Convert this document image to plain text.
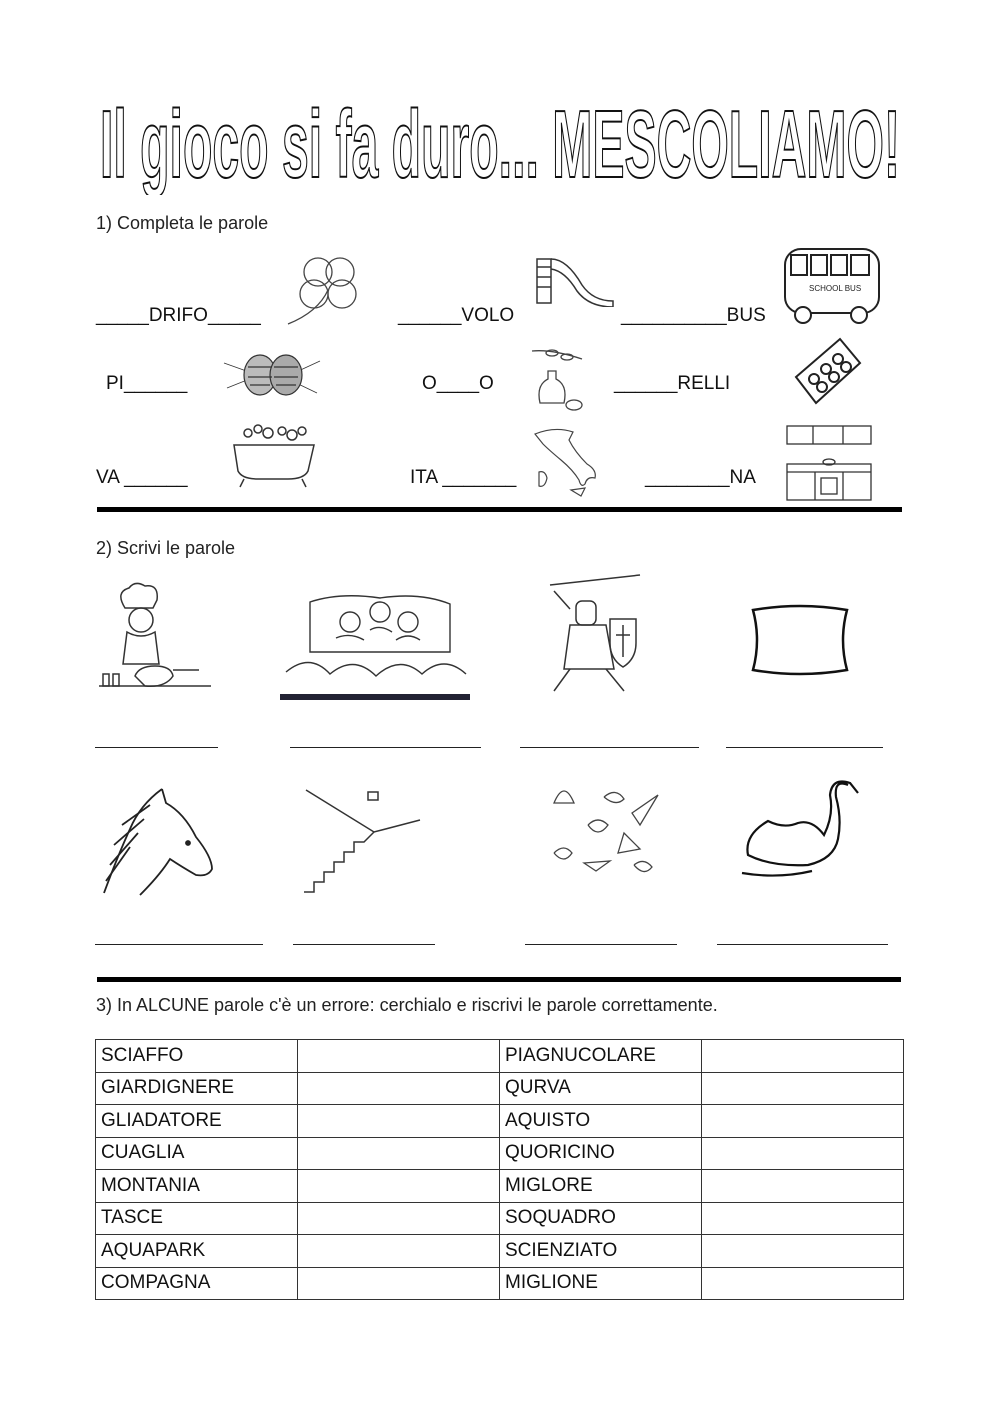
Il gioco si fa duro... MESCOLIAMO!
1) Completa le parole
_____DRIFO_____	______VOLO	__________BUS
PI______	O____O	______RELLI
VA ______	ITA _______	________NA
SCHOOL BUS
2) Scrivi le parole
3) In ALCUNE parole c'è un errore: cerchialo e riscrivi le parole correttamente.
SCIAFFO		PIAGNUCOLARE	
GIARDIGNERE		QURVA	
GLIADATORE		AQUISTO	
CUAGLIA		QUORICINO	
MONTANIA		MIGLORE	
TASCE		SOQUADRO	
AQUAPARK		SCIENZIATO	
COMPAGNA		MIGLIONE	
